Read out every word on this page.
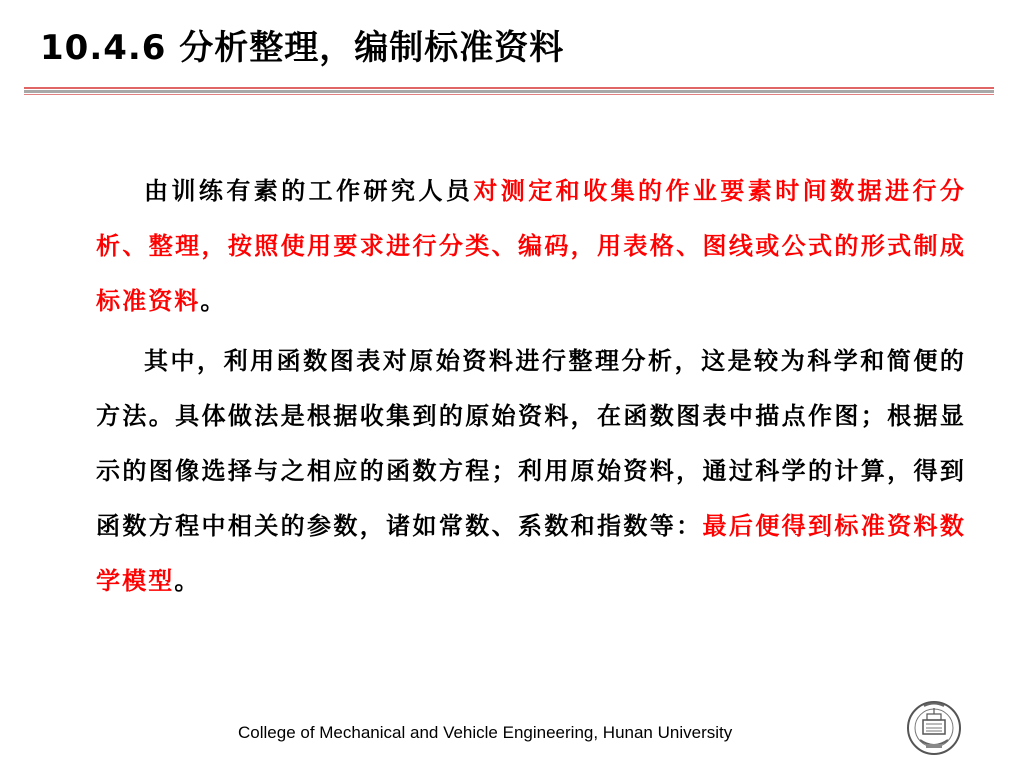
10.4.6 分析整理，编制标准资料

由训练有素的工作研究人员对测定和收集的作业要素时间数据进行分析、整理，按照使用要求进行分类、编码，用表格、图线或公式的形式制成标准资料。

其中，利用函数图表对原始资料进行整理分析，这是较为科学和简便的方法。具体做法是根据收集到的原始资料，在函数图表中描点作图；根据显示的图像选择与之相应的函数方程；利用原始资料，通过科学的计算，得到函数方程中相关的参数，诸如常数、系数和指数等：最后便得到标准资料数学模型。

College of Mechanical and Vehicle Engineering, Hunan University
